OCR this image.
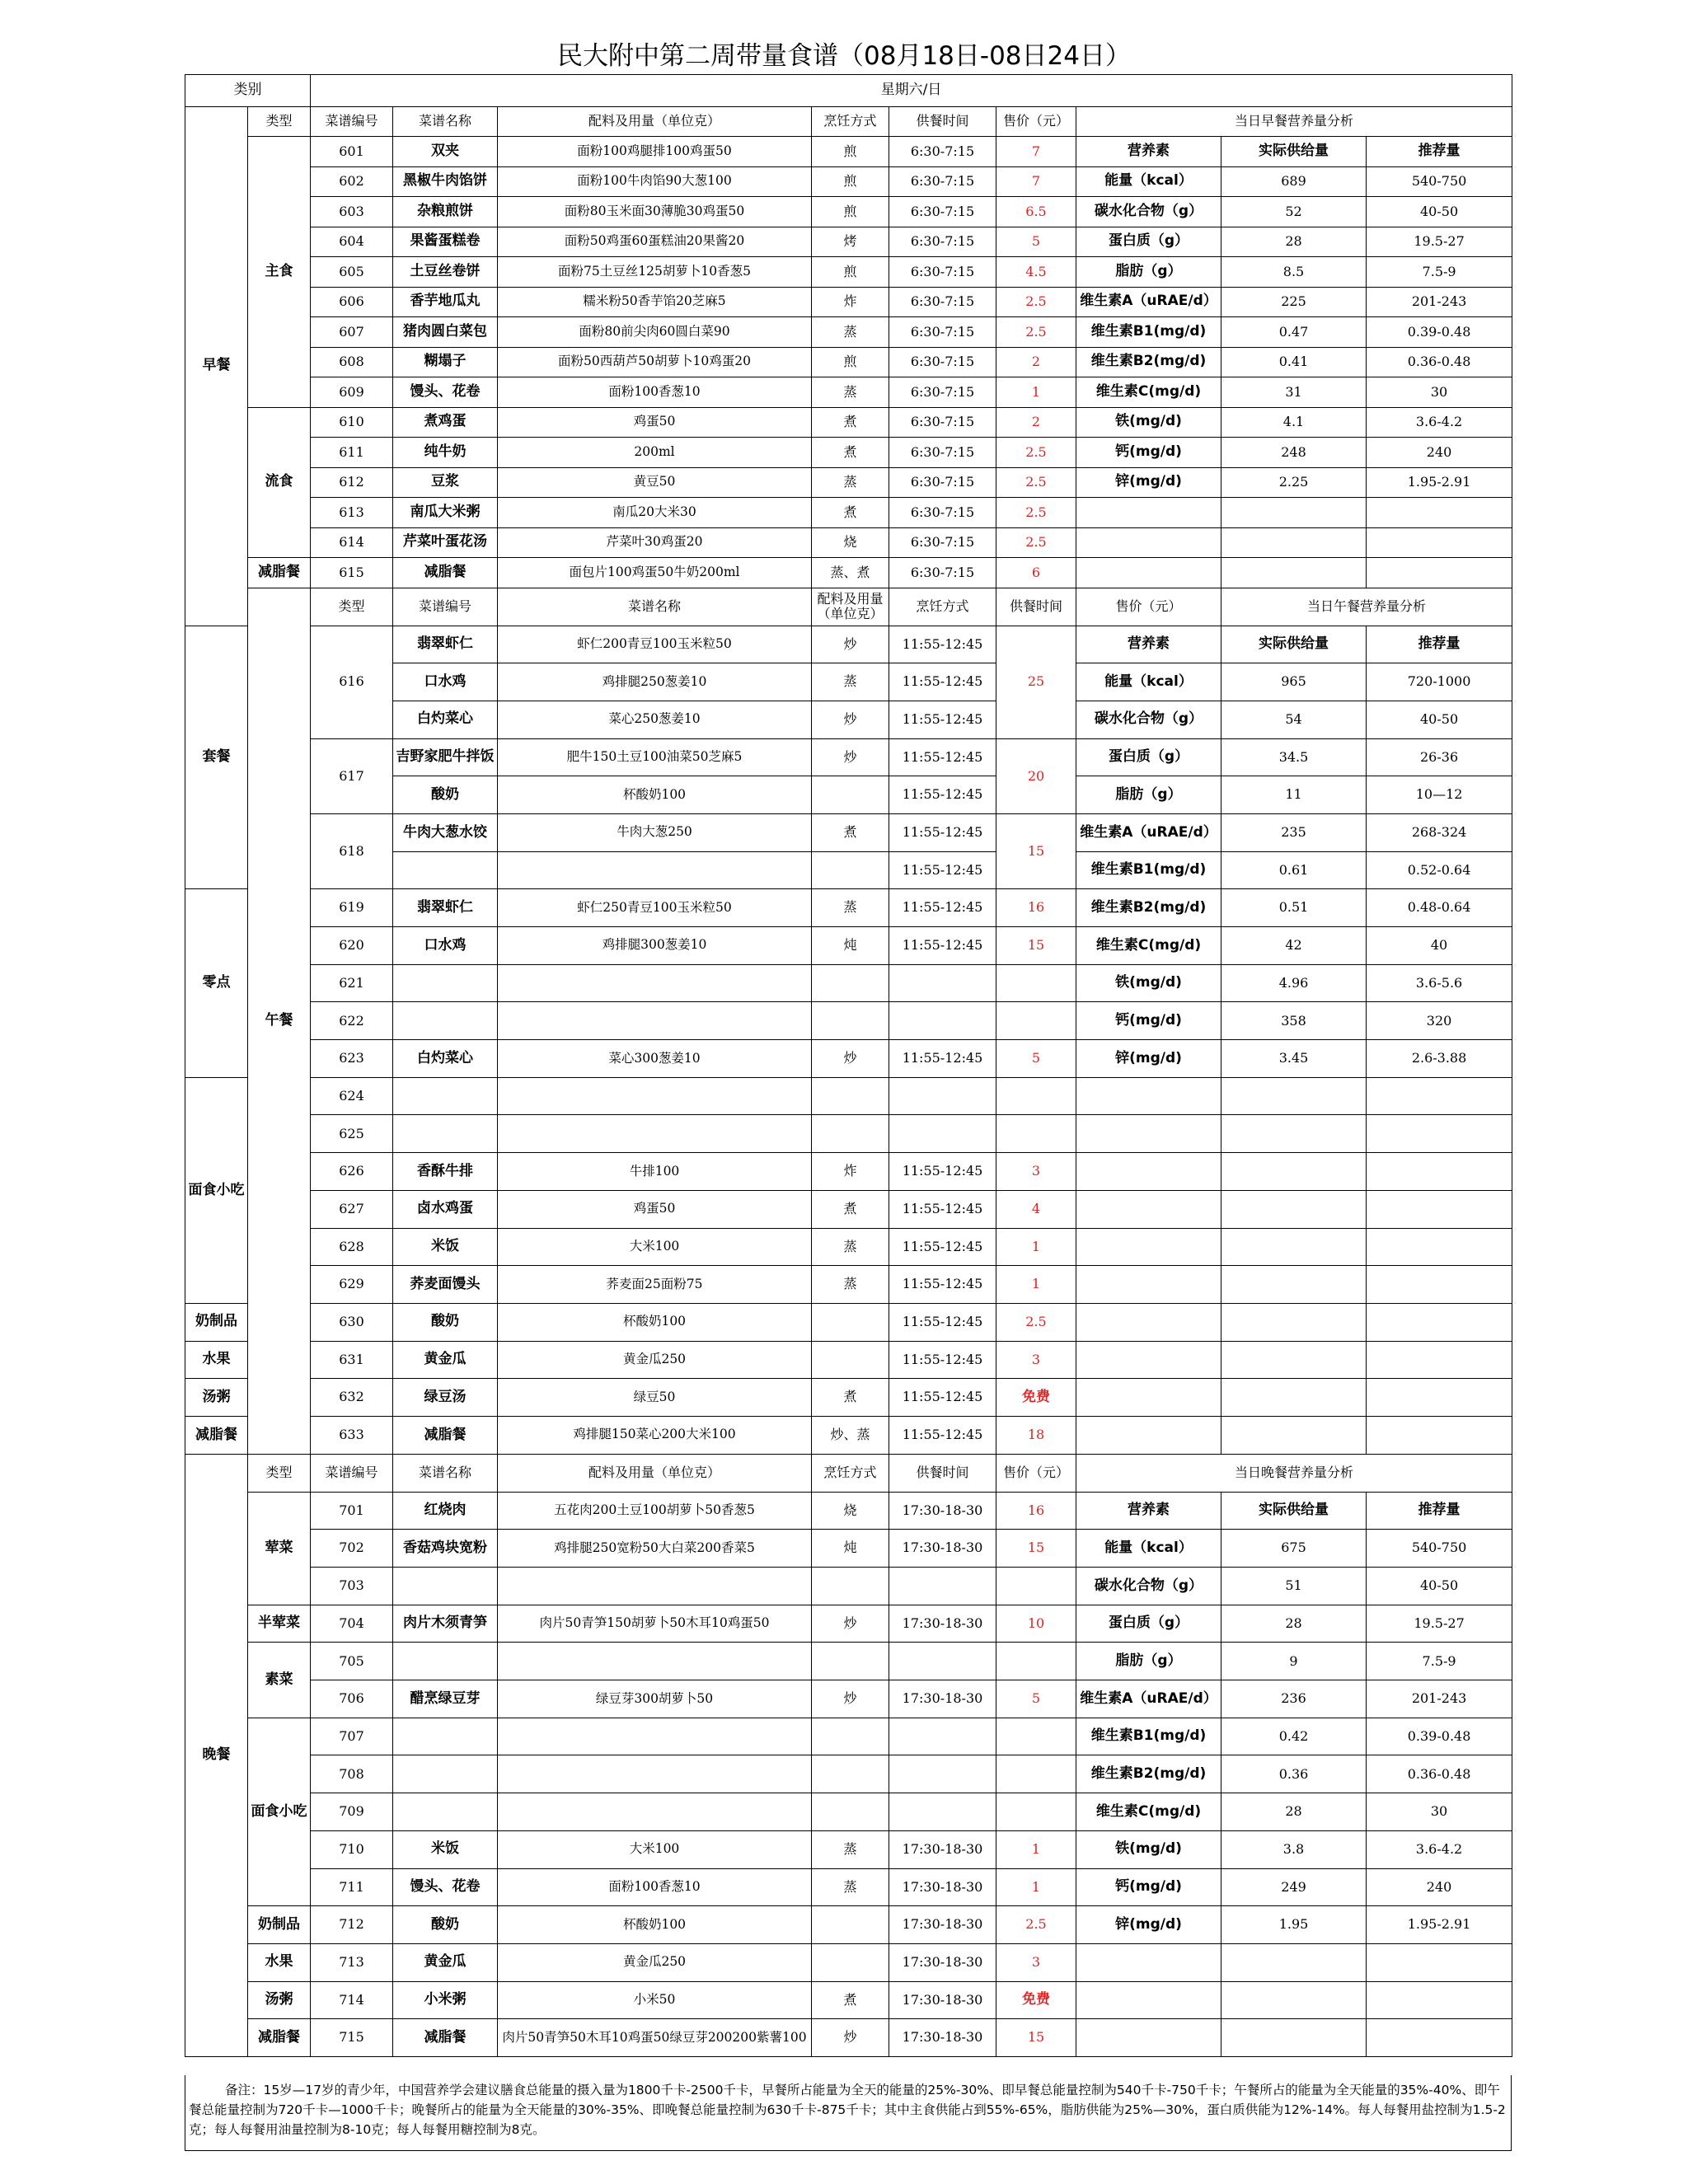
民大附中第二周带量食谱（08月18日-08日24日）
类别		星期六/日								
早餐	类型	菜谱编号	菜谱名称	配料及用量（单位克）	烹饪方式	供餐时间	售价（元）	当日早餐营养量分析		
	主食	601	双夹	面粉100鸡腿排100鸡蛋50	煎	6:30-7:15	7	营养素	实际供给量	推荐量
		602	黑椒牛肉馅饼	面粉100牛肉馅90大葱100	煎	6:30-7:15	7	能量（kcal）	689	540-750
		603	杂粮煎饼	面粉80玉米面30薄脆30鸡蛋50	煎	6:30-7:15	6.5	碳水化合物（g）	52	40-50
		604	果酱蛋糕卷	面粉50鸡蛋60蛋糕油20果酱20	烤	6:30-7:15	5	蛋白质（g）	28	19.5-27
		605	土豆丝卷饼	面粉75土豆丝125胡萝卜10香葱5	煎	6:30-7:15	4.5	脂肪（g）	8.5	7.5-9
		606	香芋地瓜丸	糯米粉50香芋馅20芝麻5	炸	6:30-7:15	2.5	维生素A（uRAE/d）	225	201-243
		607	猪肉圆白菜包	面粉80前尖肉60圆白菜90	蒸	6:30-7:15	2.5	维生素B1(mg/d)	0.47	0.39-0.48
		608	糊塌子	面粉50西葫芦50胡萝卜10鸡蛋20	煎	6:30-7:15	2	维生素B2(mg/d)	0.41	0.36-0.48
		609	馒头、花卷	面粉100香葱10	蒸	6:30-7:15	1	维生素C(mg/d)	31	30
	流食	610	煮鸡蛋	鸡蛋50	煮	6:30-7:15	2	铁(mg/d)	4.1	3.6-4.2
		611	纯牛奶	200ml	煮	6:30-7:15	2.5	钙(mg/d)	248	240
		612	豆浆	黄豆50	蒸	6:30-7:15	2.5	锌(mg/d)	2.25	1.95-2.91
		613	南瓜大米粥	南瓜20大米30	煮	6:30-7:15	2.5			
		614	芹菜叶蛋花汤	芹菜叶30鸡蛋20	烧	6:30-7:15	2.5			
	减脂餐	615	减脂餐	面包片100鸡蛋50牛奶200ml	蒸、煮	6:30-7:15	6			
	午餐	类型	菜谱编号	菜谱名称	配料及用量（单位克）	烹饪方式	供餐时间	售价（元）	当日午餐营养量分析	
套餐		616	翡翠虾仁	虾仁200青豆100玉米粒50	炒	11:55-12:45	25	营养素	实际供给量	推荐量
			口水鸡	鸡排腿250葱姜10	蒸	11:55-12:45		能量（kcal）	965	720-1000
			白灼菜心	菜心250葱姜10	炒	11:55-12:45		碳水化合物（g）	54	40-50
		617	吉野家肥牛拌饭	肥牛150土豆100油菜50芝麻5	炒	11:55-12:45	20	蛋白质（g）	34.5	26-36
			酸奶	杯酸奶100		11:55-12:45		脂肪（g）	11	10—12
		618	牛肉大葱水饺	牛肉大葱250	煮	11:55-12:45	15	维生素A（uRAE/d）	235	268-324
						11:55-12:45		维生素B1(mg/d)	0.61	0.52-0.64
零点		619	翡翠虾仁	虾仁250青豆100玉米粒50	蒸	11:55-12:45	16	维生素B2(mg/d)	0.51	0.48-0.64
		620	口水鸡	鸡排腿300葱姜10	炖	11:55-12:45	15	维生素C(mg/d)	42	40
		621						铁(mg/d)	4.96	3.6-5.6
		622						钙(mg/d)	358	320
		623	白灼菜心	菜心300葱姜10	炒	11:55-12:45	5	锌(mg/d)	3.45	2.6-3.88
面食小吃		624								
		625								
		626	香酥牛排	牛排100	炸	11:55-12:45	3			
		627	卤水鸡蛋	鸡蛋50	煮	11:55-12:45	4			
		628	米饭	大米100	蒸	11:55-12:45	1			
		629	荞麦面馒头	荞麦面25面粉75	蒸	11:55-12:45	1			
奶制品		630	酸奶	杯酸奶100		11:55-12:45	2.5			
水果		631	黄金瓜	黄金瓜250		11:55-12:45	3			
汤粥		632	绿豆汤	绿豆50	煮	11:55-12:45	免费			
减脂餐		633	减脂餐	鸡排腿150菜心200大米100	炒、蒸	11:55-12:45	18			
晚餐	类型	菜谱编号	菜谱名称	配料及用量（单位克）	烹饪方式	供餐时间	售价（元）	当日晚餐营养量分析		
	荤菜	701	红烧肉	五花肉200土豆100胡萝卜50香葱5	烧	17:30-18-30	16	营养素	实际供给量	推荐量
		702	香菇鸡块宽粉	鸡排腿250宽粉50大白菜200香菜5	炖	17:30-18-30	15	能量（kcal）	675	540-750
		703						碳水化合物（g）	51	40-50
	半荤菜	704	肉片木须青笋	肉片50青笋150胡萝卜50木耳10鸡蛋50	炒	17:30-18-30	10	蛋白质（g）	28	19.5-27
	素菜	705						脂肪（g）	9	7.5-9
		706	醋烹绿豆芽	绿豆芽300胡萝卜50	炒	17:30-18-30	5	维生素A（uRAE/d）	236	201-243
	面食小吃	707						维生素B1(mg/d)	0.42	0.39-0.48
		708						维生素B2(mg/d)	0.36	0.36-0.48
		709						维生素C(mg/d)	28	30
		710	米饭	大米100	蒸	17:30-18-30	1	铁(mg/d)	3.8	3.6-4.2
		711	馒头、花卷	面粉100香葱10	蒸	17:30-18-30	1	钙(mg/d)	249	240
	奶制品	712	酸奶	杯酸奶100		17:30-18-30	2.5	锌(mg/d)	1.95	1.95-2.91
	水果	713	黄金瓜	黄金瓜250		17:30-18-30	3			
	汤粥	714	小米粥	小米50	煮	17:30-18-30	免费			
	减脂餐	715	减脂餐	肉片50青笋50木耳10鸡蛋50绿豆芽200200紫薯100	炒	17:30-18-30	15			
备注：15岁—17岁的青少年，中国营养学会建议膳食总能量的摄入量为1800千卡-2500千卡，早餐所占能量为全天的能量的25%-30%、即早餐总能量控制为540千卡-750千卡；午餐所占的能量为全天能量的35%-40%、即午餐总能量控制为720千卡—1000千卡；晚餐所占的能量为全天能量的30%-35%、即晚餐总能量控制为630千卡-875千卡；其中主食供能占到55%-65%，脂肪供能为25%—30%，蛋白质供能为12%-14%。每人每餐用盐控制为1.5-2克；每人每餐用油量控制为8-10克；每人每餐用糖控制为8克。
